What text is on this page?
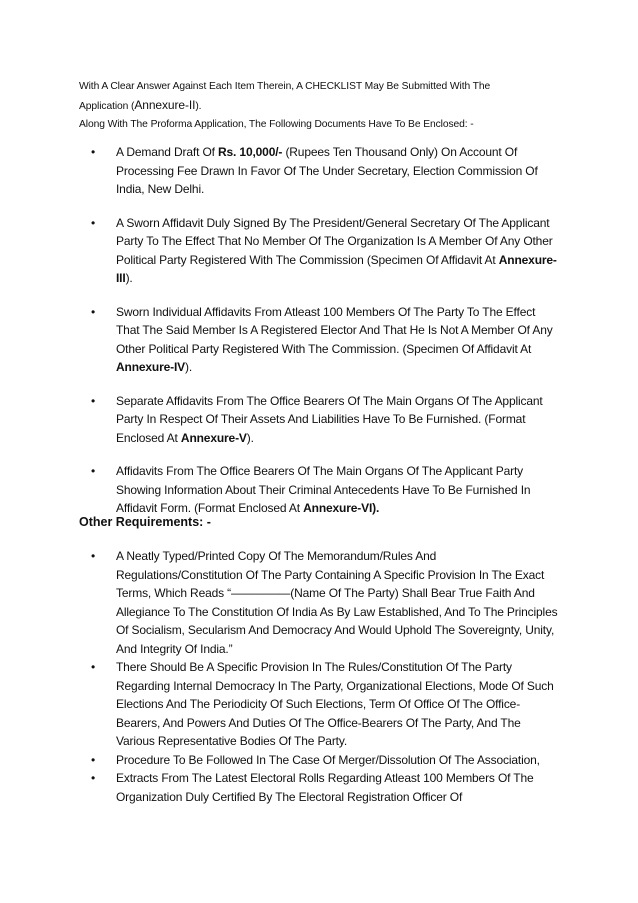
With A Clear Answer Against Each Item Therein, A CHECKLIST May Be Submitted With The

Application (Annexure-II).

Along With The Proforma Application, The Following Documents Have To Be Enclosed: -

• A Demand Draft Of Rs. 10,000/- (Rupees Ten Thousand Only) On Account Of Processing Fee Drawn In Favor Of The Under Secretary, Election Commission Of India, New Delhi.
• A Sworn Affidavit Duly Signed By The President/General Secretary Of The Applicant Party To The Effect That No Member Of The Organization Is A Member Of Any Other Political Party Registered With The Commission (Specimen Of Affidavit At Annexure-III).
• Sworn Individual Affidavits From Atleast 100 Members Of The Party To The Effect That The Said Member Is A Registered Elector And That He Is Not A Member Of Any Other Political Party Registered With The Commission. (Specimen Of Affidavit At Annexure-IV).
• Separate Affidavits From The Office Bearers Of The Main Organs Of The Applicant Party In Respect Of Their Assets And Liabilities Have To Be Furnished. (Format Enclosed At Annexure-V).
• Affidavits From The Office Bearers Of The Main Organs Of The Applicant Party Showing Information About Their Criminal Antecedents Have To Be Furnished In Affidavit Form. (Format Enclosed At Annexure-VI).
Other Requirements: -
• A Neatly Typed/Printed Copy Of The Memorandum/Rules And Regulations/Constitution Of The Party Containing A Specific Provision In The Exact Terms, Which Reads “—————(Name Of The Party) Shall Bear True Faith And Allegiance To The Constitution Of India As By Law Established, And To The Principles Of Socialism, Secularism And Democracy And Would Uphold The Sovereignty, Unity, And Integrity Of India.”
• There Should Be A Specific Provision In The Rules/Constitution Of The Party Regarding Internal Democracy In The Party, Organizational Elections, Mode Of Such Elections And The Periodicity Of Such Elections, Term Of Office Of The Office-Bearers, And Powers And Duties Of The Office-Bearers Of The Party, And The Various Representative Bodies Of The Party.
• Procedure To Be Followed In The Case Of Merger/Dissolution Of The Association,
• Extracts From The Latest Electoral Rolls Regarding Atleast 100 Members Of The Organization Duly Certified By The Electoral Registration Officer Of
